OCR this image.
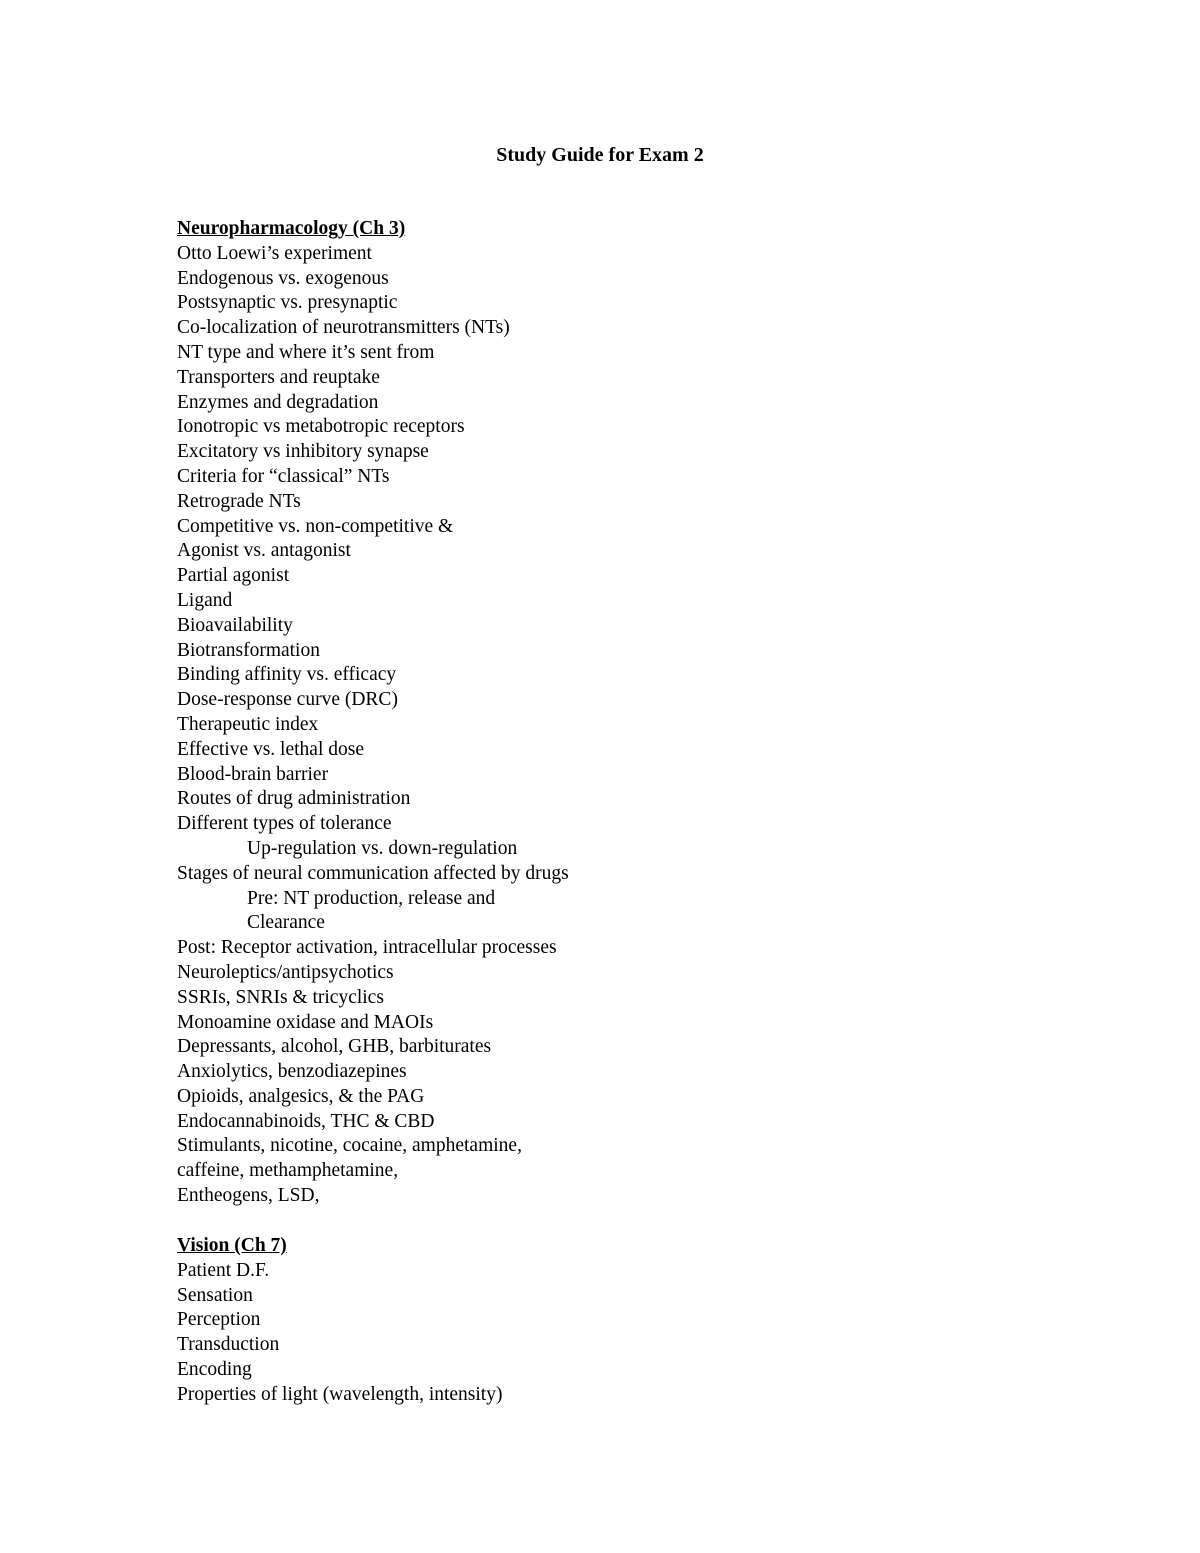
Study Guide for Exam 2
Neuropharmacology (Ch 3)
Otto Loewi’s experiment
Endogenous vs. exogenous
Postsynaptic vs. presynaptic
Co-localization of neurotransmitters (NTs)
NT type and where it’s sent from
Transporters and reuptake
Enzymes and degradation
Ionotropic vs metabotropic receptors
Excitatory vs inhibitory synapse
Criteria for “classical” NTs
Retrograde NTs
Competitive vs. non-competitive &
Agonist vs. antagonist
Partial agonist
Ligand
Bioavailability
Biotransformation
Binding affinity vs. efficacy
Dose-response curve (DRC)
Therapeutic index
Effective vs. lethal dose
Blood-brain barrier
Routes of drug administration
Different types of tolerance
Up-regulation vs. down-regulation
Stages of neural communication affected by drugs
Pre: NT production, release and
Clearance
Post: Receptor activation, intracellular processes
Neuroleptics/antipsychotics
SSRIs, SNRIs & tricyclics
Monoamine oxidase and MAOIs
Depressants, alcohol, GHB, barbiturates
Anxiolytics, benzodiazepines
Opioids, analgesics, & the PAG
Endocannabinoids, THC & CBD
Stimulants, nicotine, cocaine, amphetamine,
caffeine, methamphetamine,
Entheogens, LSD,
Vision (Ch 7)
Patient D.F.
Sensation
Perception
Transduction
Encoding
Properties of light (wavelength, intensity)
